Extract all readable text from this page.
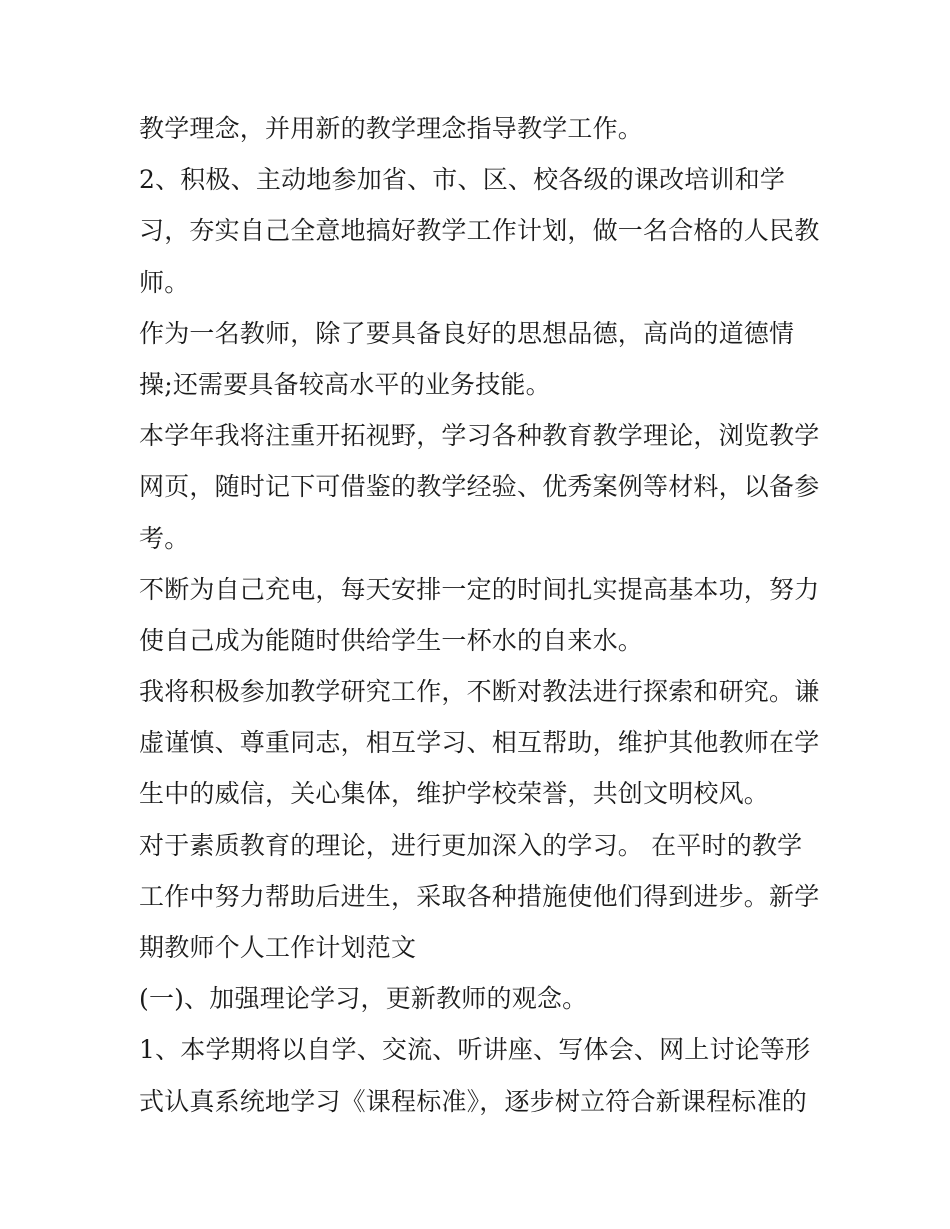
教学理念，并用新的教学理念指导教学工作。
2、积极、主动地参加省、市、区、校各级的课改培训和学
习，夯实自己全意地搞好教学工作计划，做一名合格的人民教
师。
作为一名教师，除了要具备良好的思想品德，高尚的道德情
操;还需要具备较高水平的业务技能。
本学年我将注重开拓视野，学习各种教育教学理论，浏览教学
网页，随时记下可借鉴的教学经验、优秀案例等材料，以备参
考。
不断为自己充电，每天安排一定的时间扎实提高基本功，努力
使自己成为能随时供给学生一杯水的自来水。
我将积极参加教学研究工作，不断对教法进行探索和研究。谦
虚谨慎、尊重同志，相互学习、相互帮助，维护其他教师在学
生中的威信，关心集体，维护学校荣誉，共创文明校风。
对于素质教育的理论，进行更加深入的学习。 在平时的教学
工作中努力帮助后进生，采取各种措施使他们得到进步。新学
期教师个人工作计划范文
(一)、加强理论学习，更新教师的观念。
1、本学期将以自学、交流、听讲座、写体会、网上讨论等形
式认真系统地学习《课程标准》，逐步树立符合新课程标准的
